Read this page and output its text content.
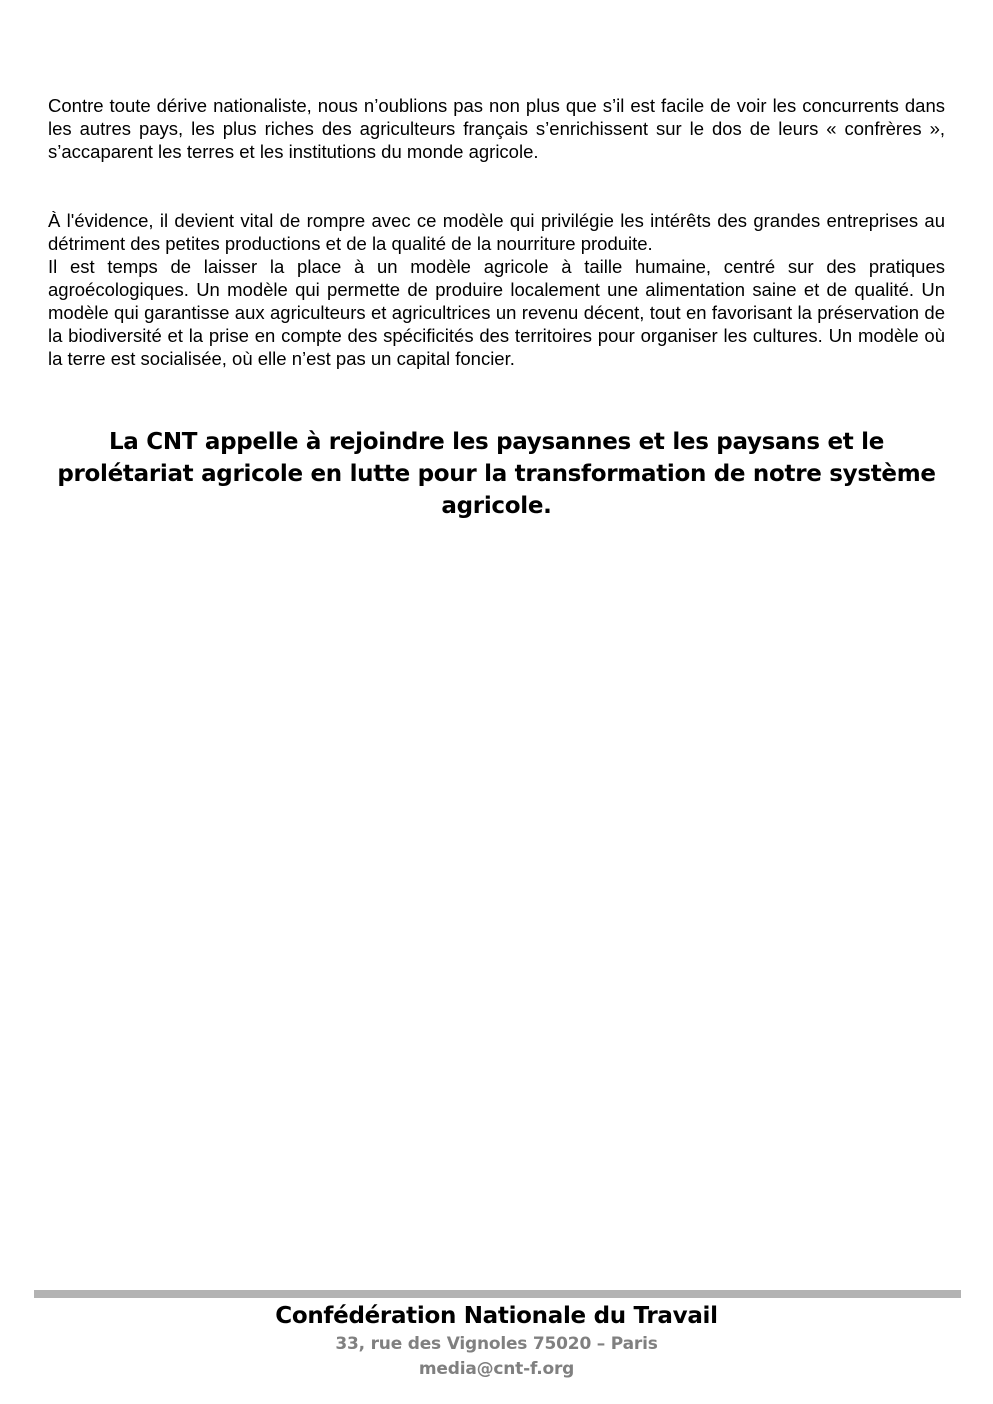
Contre toute dérive nationaliste, nous n’oublions pas non plus que s’il est facile de voir les concurrents dans les autres pays, les plus riches des agriculteurs français s’enrichissent sur le dos de leurs « confrères », s’accaparent les terres et les institutions du monde agricole.

À l'évidence, il devient vital de rompre avec ce modèle qui privilégie les intérêts des grandes entreprises au détriment des petites productions et de la qualité de la nourriture produite.

Il est temps de laisser la place à un modèle agricole à taille humaine, centré sur des pratiques agroécologiques. Un modèle qui permette de produire localement une alimentation saine et de qualité. Un modèle qui garantisse aux agriculteurs et agricultrices un revenu décent, tout en favorisant la préservation de la biodiversité et la prise en compte des spécificités des territoires pour organiser les cultures. Un modèle où la terre est socialisée, où elle n’est pas un capital foncier.

La CNT appelle à rejoindre les paysannes et les paysans et le prolétariat agricole en lutte pour la transformation de notre système agricole.
Confédération Nationale du Travail
33, rue des Vignoles 75020 – Paris
media@cnt-f.org
